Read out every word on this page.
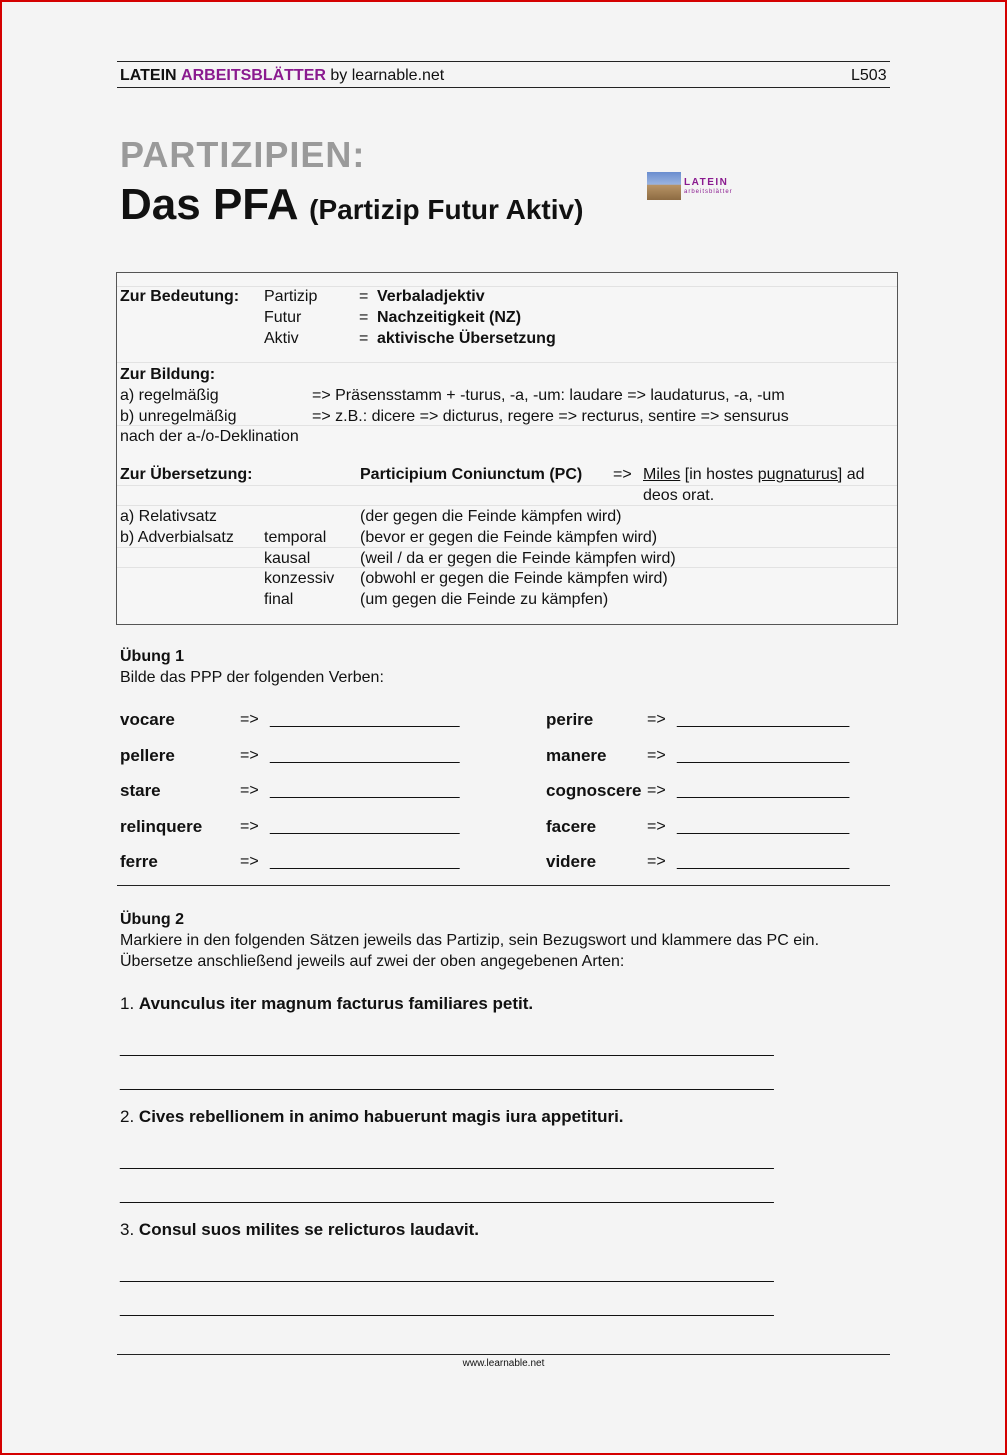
LATEIN ARBEITSBLÄTTER by learnable.net	L503
PARTIZIPIEN:
Das PFA (Partizip Futur Aktiv)
LATEIN
arbeitsblätter
Zur Bedeutung: Partizip	= Verbaladjektiv
Futur	= Nachzeitigkeit (NZ)
Aktiv	= aktivische Übersetzung
Zur Bildung:
a) regelmäßig	=> Präsensstamm + -turus, -a, -um: laudare => laudaturus, -a, -um
b) unregelmäßig	=> z.B.: dicere => dicturus, regere => recturus, sentire => sensurus
nach der a-/o-Deklination
Zur Übersetzung:	Participium Coniunctum (PC) => Miles [in hostes pugnaturus] ad
deos orat.
a) Relativsatz	(der gegen die Feinde kämpfen wird)
b) Adverbialsatz temporal (bevor er gegen die Feinde kämpfen wird)
kausal	(weil / da er gegen die Feinde kämpfen wird)
konzessiv (obwohl er gegen die Feinde kämpfen wird)
final	(um gegen die Feinde zu kämpfen)
Übung 1
Bilde das PPP der folgenden Verben:
vocare	=> ______________________
pellere	=> ______________________
stare	=> ______________________
relinquere => ______________________
ferre	=> ______________________
perire	=> ____________________
manere	=> ____________________
cognoscere => ____________________
facere	=> ____________________
videre	=> ____________________
Übung 2
Markiere in den folgenden Sätzen jeweils das Partizip, sein Bezugswort und klammere das PC ein.
Übersetze anschließend jeweils auf zwei der oben angegebenen Arten:
1. Avunculus iter magnum facturus familiares petit.
____________________________________________________________________________
____________________________________________________________________________
2. Cives rebellionem in animo habuerunt magis iura appetituri.
____________________________________________________________________________
____________________________________________________________________________
3. Consul suos milites se relicturos laudavit.
____________________________________________________________________________
____________________________________________________________________________
www.learnable.net
